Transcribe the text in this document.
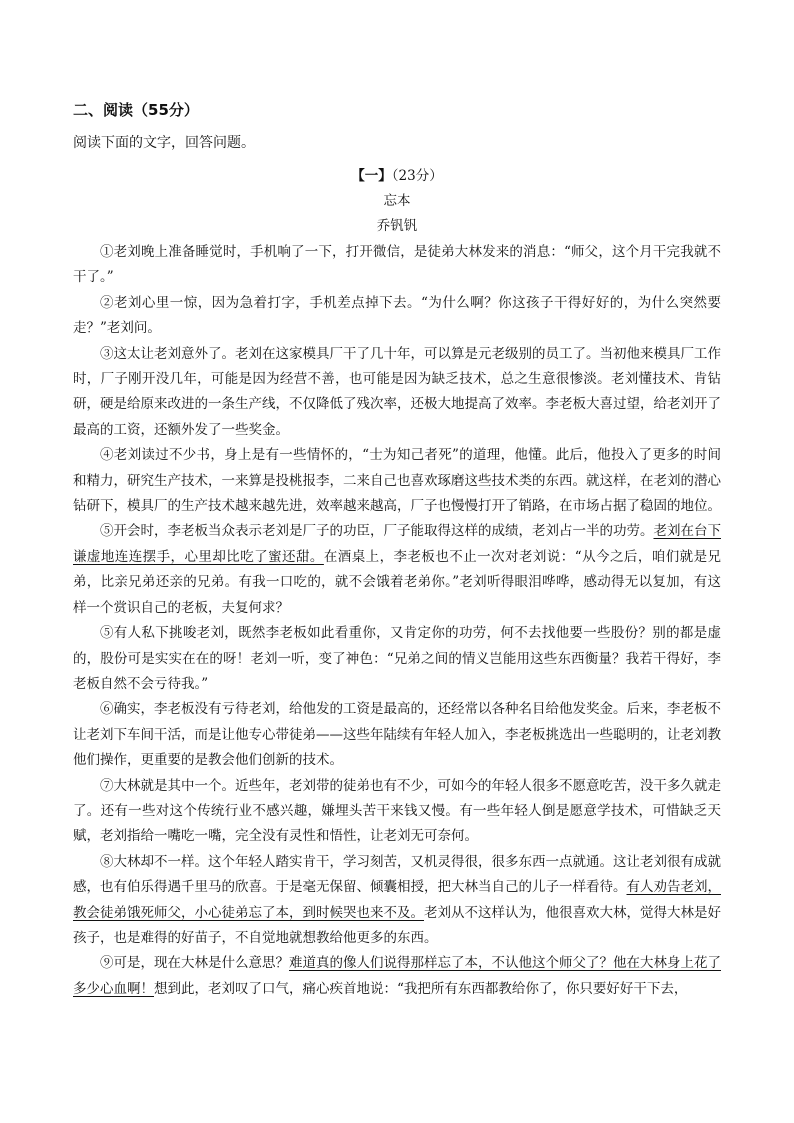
二、阅读（55分）
阅读下面的文字，回答问题。
【一】（23分）
忘本
乔钒钒

①老刘晚上准备睡觉时，手机响了一下，打开微信，是徒弟大林发来的消息：“师父，这个月干完我就不干了。”

②老刘心里一惊，因为急着打字，手机差点掉下去。“为什么啊？你这孩子干得好好的，为什么突然要走？”老刘问。

③这太让老刘意外了。老刘在这家模具厂干了几十年，可以算是元老级别的员工了。当初他来模具厂工作时，厂子刚开没几年，可能是因为经营不善，也可能是因为缺乏技术，总之生意很惨淡。老刘懂技术、肯钻研，硬是给原来改进的一条生产线，不仅降低了残次率，还极大地提高了效率。李老板大喜过望，给老刘开了最高的工资，还额外发了一些奖金。

④老刘读过不少书，身上是有一些情怀的，“士为知己者死”的道理，他懂。此后，他投入了更多的时间和精力，研究生产技术，一来算是投桃报李，二来自己也喜欢琢磨这些技术类的东西。就这样，在老刘的潜心钻研下，模具厂的生产技术越来越先进，效率越来越高，厂子也慢慢打开了销路，在市场占据了稳固的地位。

⑤开会时，李老板当众表示老刘是厂子的功臣，厂子能取得这样的成绩，老刘占一半的功劳。老刘在台下谦虚地连连摆手，心里却比吃了蜜还甜。在酒桌上，李老板也不止一次对老刘说：“从今之后，咱们就是兄弟，比亲兄弟还亲的兄弟。有我一口吃的，就不会饿着老弟你。”老刘听得眼泪哗哗，感动得无以复加，有这样一个赏识自己的老板，夫复何求？

⑤有人私下挑唆老刘，既然李老板如此看重你，又肯定你的功劳，何不去找他要一些股份？别的都是虚的，股份可是实实在在的呀！老刘一听，变了神色：“兄弟之间的情义岂能用这些东西衡量？我若干得好，李老板自然不会亏待我。”

⑥确实，李老板没有亏待老刘，给他发的工资是最高的，还经常以各种名目给他发奖金。后来，李老板不让老刘下车间干活，而是让他专心带徒弟——这些年陆续有年轻人加入，李老板挑选出一些聪明的，让老刘教他们操作，更重要的是教会他们创新的技术。

⑦大林就是其中一个。近些年，老刘带的徒弟也有不少，可如今的年轻人很多不愿意吃苦，没干多久就走了。还有一些对这个传统行业不感兴趣，嫌埋头苦干来钱又慢。有一些年轻人倒是愿意学技术，可惜缺乏天赋，老刘指给一嘴吃一嘴，完全没有灵性和悟性，让老刘无可奈何。

⑧大林却不一样。这个年轻人踏实肯干，学习刻苦，又机灵得很，很多东西一点就通。这让老刘很有成就感，也有伯乐得遇千里马的欣喜。于是毫无保留、倾囊相授，把大林当自己的儿子一样看待。有人劝告老刘，教会徒弟饿死师父，小心徒弟忘了本，到时候哭也来不及。老刘从不这样认为，他很喜欢大林，觉得大林是好孩子，也是难得的好苗子，不自觉地就想教给他更多的东西。

⑨可是，现在大林是什么意思？难道真的像人们说得那样忘了本，不认他这个师父了？他在大林身上花了多少心血啊！想到此，老刘叹了口气，痛心疾首地说：“我把所有东西都教给你了，你只要好好干下去，
